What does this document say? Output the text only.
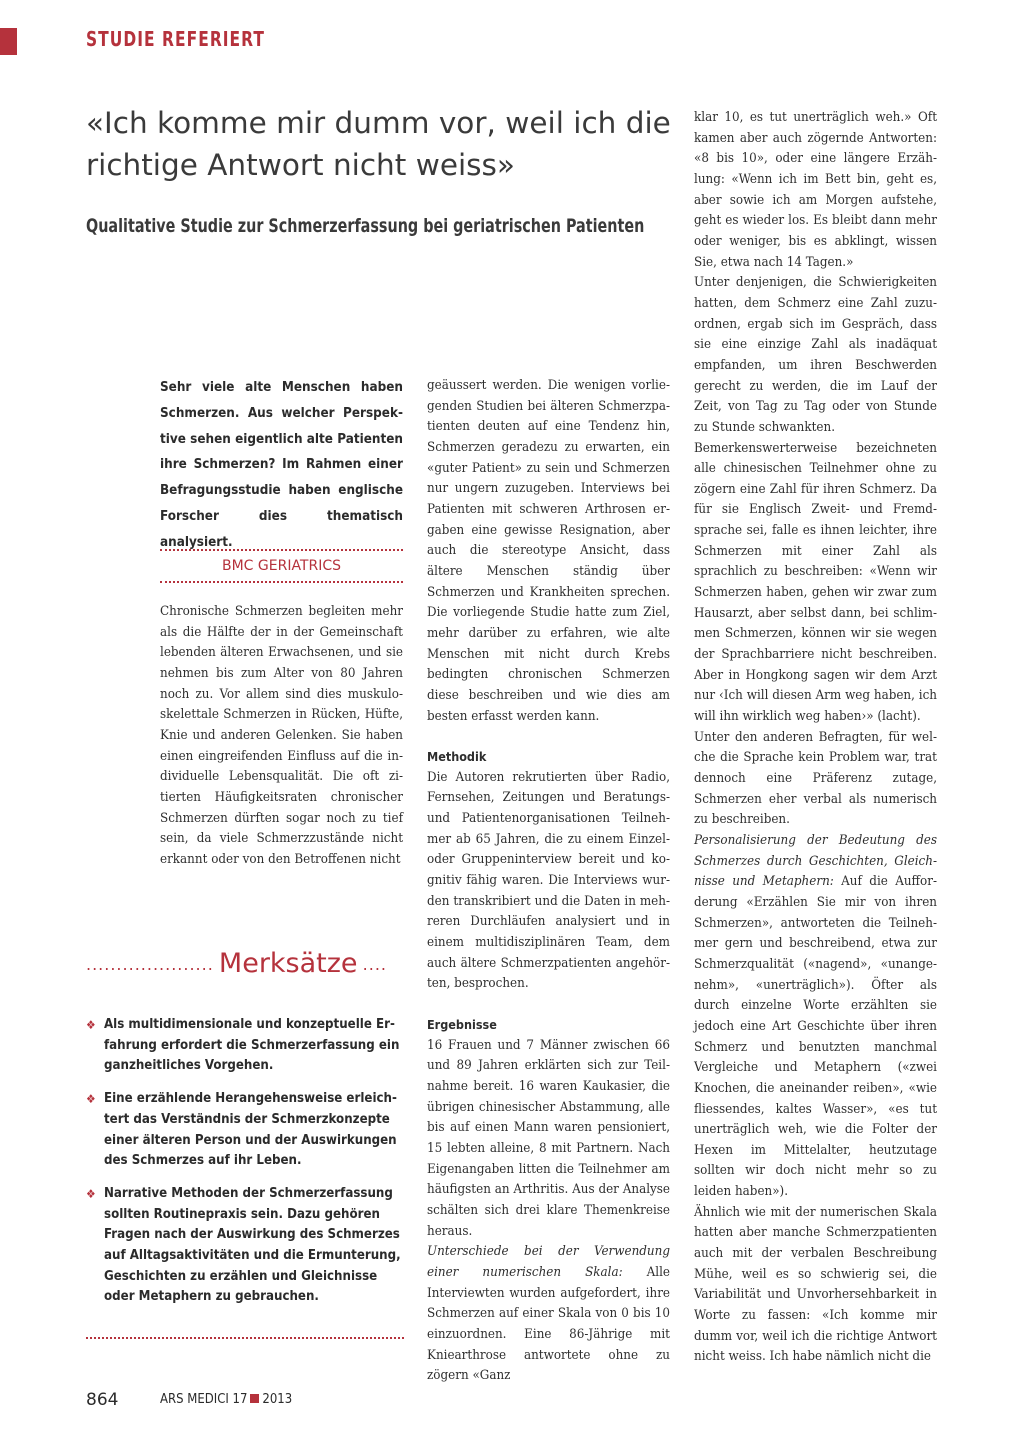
STUDIE REFERIERT
«Ich komme mir dumm vor, weil ich die richtige Antwort nicht weiss»
Qualitative Studie zur Schmerzerfassung bei geriatrischen Patienten
Sehr viele alte Menschen haben Schmerzen. Aus welcher Perspektive sehen eigentlich alte Patienten ihre Schmerzen? Im Rahmen einer Befragungsstudie haben englische Forscher dies thematisch analysiert.
BMC GERIATRICS

Chronische Schmerzen begleiten mehr als die Hälfte der in der Gemeinschaft lebenden älteren Erwachsenen, und sie nehmen bis zum Alter von 80 Jahren noch zu. Vor allem sind dies muskuloskelettale Schmerzen in Rücken, Hüfte, Knie und anderen Gelenken. Sie haben einen eingreifenden Einfluss auf die individuelle Lebensqualität. Die oft zitierten Häufigkeitsraten chronischer Schmerzen dürften sogar noch zu tief sein, da viele Schmerzzustände nicht erkannt oder von den Betroffenen nicht

geäussert werden. Die wenigen vorliegenden Studien bei älteren Schmerzpatienten deuten auf eine Tendenz hin, Schmerzen geradezu zu erwarten, ein «guter Patient» zu sein und Schmerzen nur ungern zuzugeben. Interviews bei Patienten mit schweren Arthrosen ergaben eine gewisse Resignation, aber auch die stereotype Ansicht, dass ältere Menschen ständig über Schmerzen und Krankheiten sprechen. Die vorliegende Studie hatte zum Ziel, mehr darüber zu erfahren, wie alte Menschen mit nicht durch Krebs bedingten chronischen Schmerzen diese beschreiben und wie dies am besten erfasst werden kann.

Methodik

Die Autoren rekrutierten über Radio, Fernsehen, Zeitungen und Beratungs- und Patientenorganisationen Teilnehmer ab 65 Jahren, die zu einem Einzel- oder Gruppeninterview bereit und kognitiv fähig waren. Die Interviews wurden transkribiert und die Daten in mehreren Durchläufen analysiert und in einem multidisziplinären Team, dem auch ältere Schmerzpatienten angehörten, besprochen.

Ergebnisse

16 Frauen und 7 Männer zwischen 66 und 89 Jahren erklärten sich zur Teilnahme bereit. 16 waren Kaukasier, die übrigen chinesischer Abstammung, alle bis auf einen Mann waren pensioniert, 15 lebten alleine, 8 mit Partnern. Nach Eigenangaben litten die Teilnehmer am häufigsten an Arthritis. Aus der Analyse schälten sich drei klare Themenkreise heraus.

Unterschiede bei der Verwendung einer numerischen Skala: Alle Interviewten wurden aufgefordert, ihre Schmerzen auf einer Skala von 0 bis 10 einzuordnen. Eine 86-Jährige mit Kniearthrose antwortete ohne zu zögern «Ganz

klar 10, es tut unerträglich weh.» Oft kamen aber auch zögernde Antworten: «8 bis 10», oder eine längere Erzählung: «Wenn ich im Bett bin, geht es, aber sowie ich am Morgen aufstehe, geht es wieder los. Es bleibt dann mehr oder weniger, bis es abklingt, wissen Sie, etwa nach 14 Tagen.»

Unter denjenigen, die Schwierigkeiten hatten, dem Schmerz eine Zahl zuzuordnen, ergab sich im Gespräch, dass sie eine einzige Zahl als inadäquat empfanden, um ihren Beschwerden gerecht zu werden, die im Lauf der Zeit, von Tag zu Tag oder von Stunde zu Stunde schwankten.

Bemerkenswerterweise bezeichneten alle chinesischen Teilnehmer ohne zu zögern eine Zahl für ihren Schmerz. Da für sie Englisch Zweit- und Fremdsprache sei, falle es ihnen leichter, ihre Schmerzen mit einer Zahl als sprachlich zu beschreiben: «Wenn wir Schmerzen haben, gehen wir zwar zum Hausarzt, aber selbst dann, bei schlimmen Schmerzen, können wir sie wegen der Sprachbarriere nicht beschreiben. Aber in Hongkong sagen wir dem Arzt nur ‹Ich will diesen Arm weg haben, ich will ihn wirklich weg haben›» (lacht).

Unter den anderen Befragten, für welche die Sprache kein Problem war, trat dennoch eine Präferenz zutage, Schmerzen eher verbal als numerisch zu beschreiben.

Personalisierung der Bedeutung des Schmerzes durch Geschichten, Gleichnisse und Metaphern: Auf die Aufforderung «Erzählen Sie mir von ihren Schmerzen», antworteten die Teilnehmer gern und beschreibend, etwa zur Schmerzqualität («nagend», «unangenehm», «unerträglich»). Öfter als durch einzelne Worte erzählten sie jedoch eine Art Geschichte über ihren Schmerz und benutzten manchmal Vergleiche und Metaphern («zwei Knochen, die aneinander reiben», «wie fliessendes, kaltes Wasser», «es tut unerträglich weh, wie die Folter der Hexen im Mittelalter, heutzutage sollten wir doch nicht mehr so zu leiden haben»).

Ähnlich wie mit der numerischen Skala hatten aber manche Schmerzpatienten auch mit der verbalen Beschreibung Mühe, weil es so schwierig sei, die Variabilität und Unvorhersehbarkeit in Worte zu fassen: «Ich komme mir dumm vor, weil ich die richtige Antwort nicht weiss. Ich habe nämlich nicht die

..................... Merksätze ....
❖ Als multidimensionale und konzeptuelle Erfahrung erfordert die Schmerzerfassung ein ganzheitliches Vorgehen.
❖ Eine erzählende Herangehensweise erleichtert das Verständnis der Schmerzkonzepte einer älteren Person und der Auswirkungen des Schmerzes auf ihr Leben.
❖ Narrative Methoden der Schmerzerfassung sollten Routinepraxis sein. Dazu gehören Fragen nach der Auswirkung des Schmerzes auf Alltagsaktivitäten und die Ermunterung, Geschichten zu erzählen und Gleichnisse oder Metaphern zu gebrauchen.
864	ARS MEDICI 17 2013
